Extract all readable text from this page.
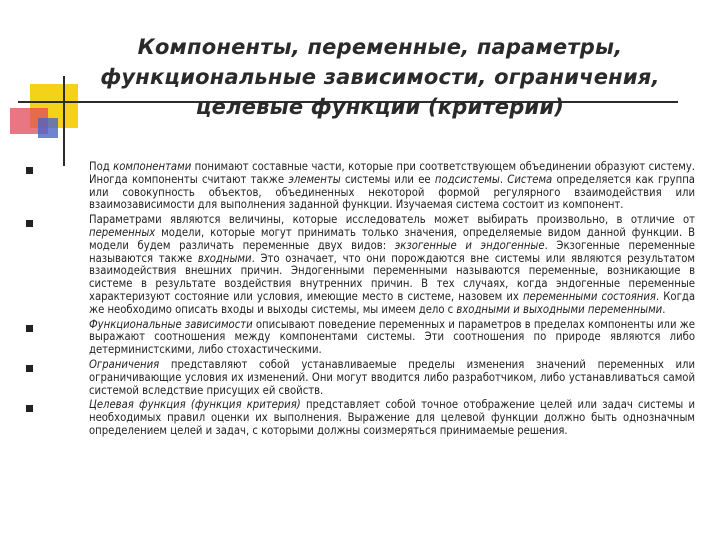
Компоненты, переменные, параметры, функциональные зависимости, ограничения, целевые функции (критерии)
Под компонентами понимают составные части, которые при соответствующем объединении образуют систему. Иногда компоненты считают также элементы системы или ее подсистемы. Система определяется как группа или совокупность объектов, объединенных некоторой формой регулярного взаимодействия или взаимозависимости для выполнения заданной функции. Изучаемая система состоит из компонент.
Параметрами являются величины, которые исследователь может выбирать произвольно, в отличие от переменных модели, которые могут принимать только значения, определяемые видом данной функции. В модели будем различать переменные двух видов: экзогенные и эндогенные. Экзогенные переменные называются также входными. Это означает, что они порождаются вне системы или являются результатом взаимодействия внешних причин. Эндогенными переменными называются переменные, возникающие в системе в результате воздействия внутренних причин. В тех случаях, когда эндогенные переменные характеризуют состояние или условия, имеющие место в системе, назовем их переменными состояния. Когда же необходимо описать входы и выходы системы, мы имеем дело с входными и выходными переменными.
Функциональные зависимости описывают поведение переменных и параметров в пределах компоненты или же выражают соотношения между компонентами системы. Эти соотношения по природе являются либо детерминистскими, либо стохастическими.
Ограничения представляют собой устанавливаемые пределы изменения значений переменных или ограничивающие условия их изменений. Они могут вводится либо разработчиком, либо устанавливаться самой системой вследствие присущих ей свойств.
Целевая функция (функция критерия) представляет собой точное отображение целей или задач системы и необходимых правил оценки их выполнения. Выражение для целевой функции должно быть однозначным определением целей и задач, с которыми должны соизмеряться принимаемые решения.
